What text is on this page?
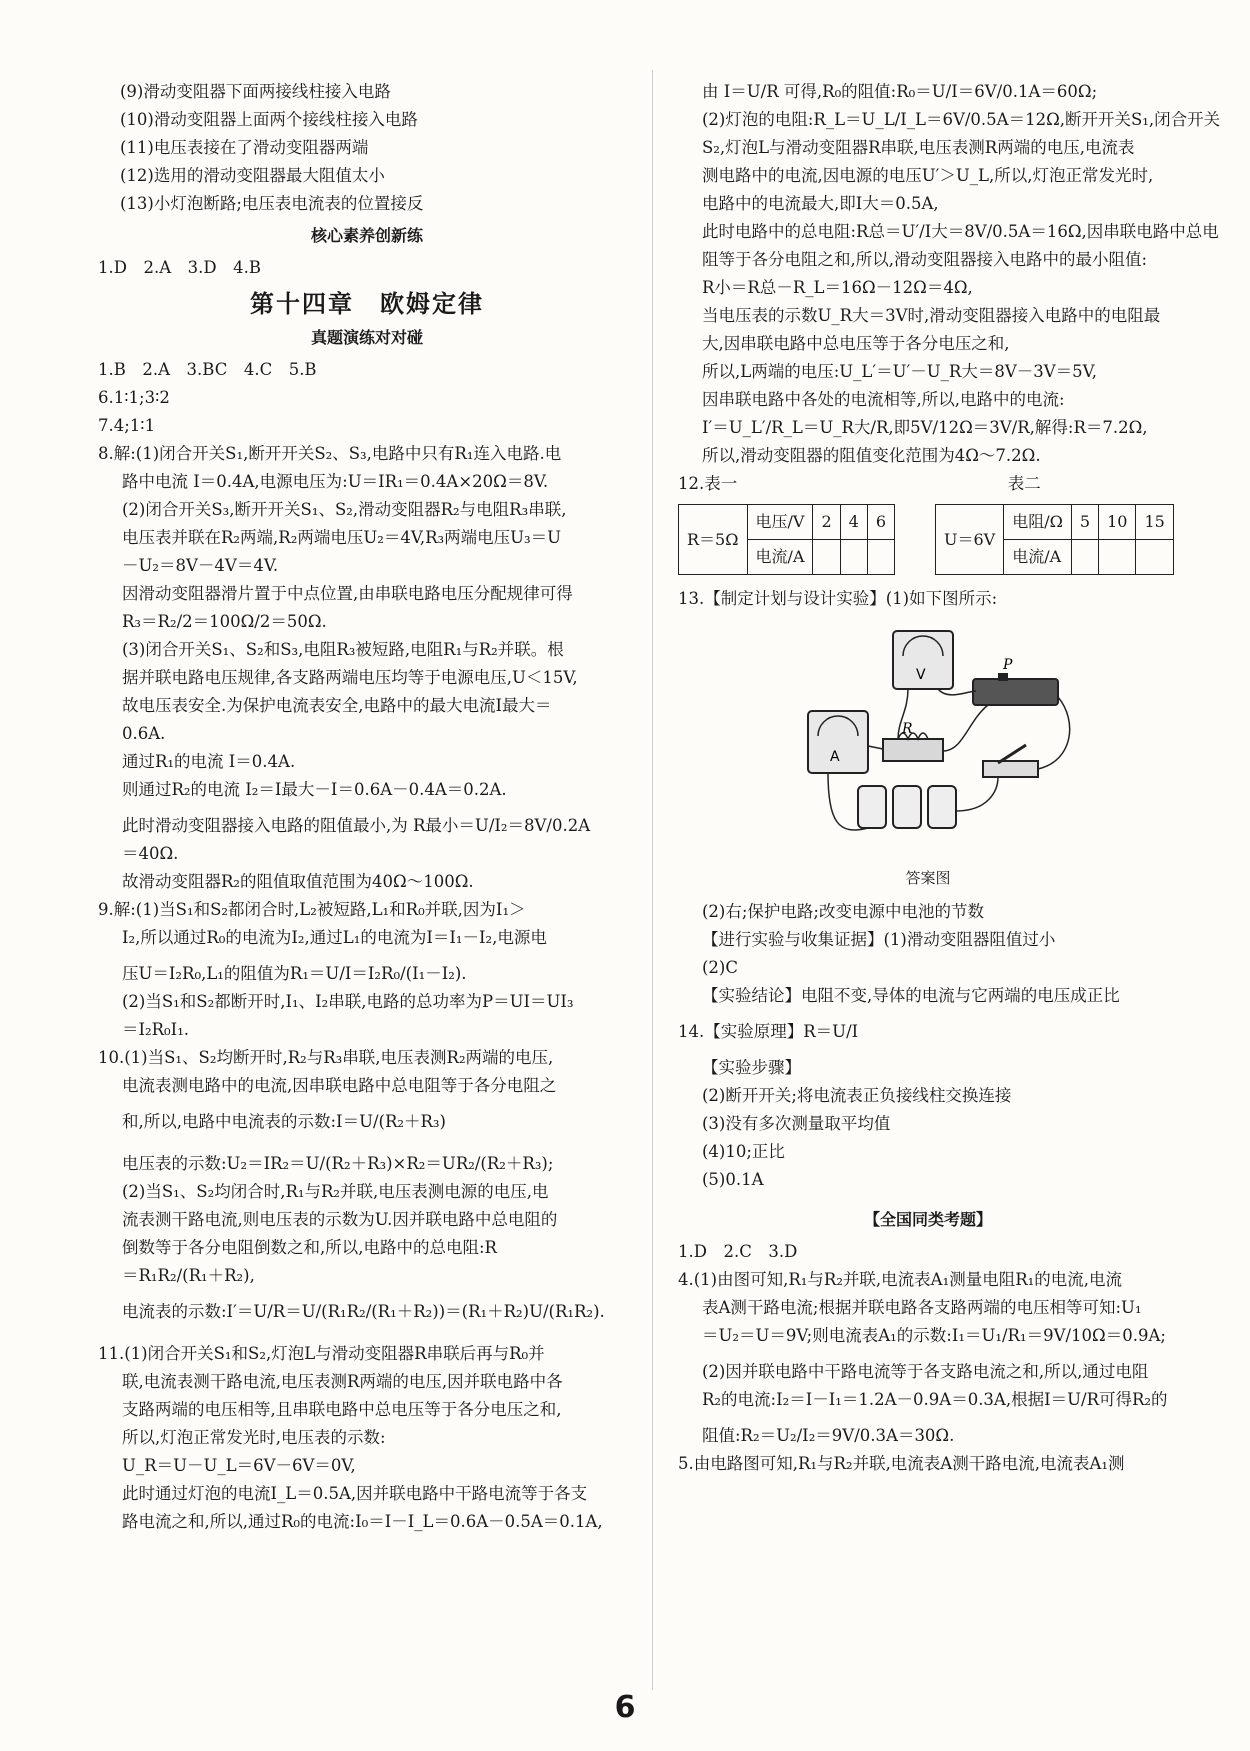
(9)滑动变阻器下面两接线柱接入电路
(10)滑动变阻器上面两个接线柱接入电路
(11)电压表接在了滑动变阻器两端
(12)选用的滑动变阻器最大阻值太小
(13)小灯泡断路;电压表电流表的位置接反
核心素养创新练
1.D　2.A　3.D　4.B
第十四章　欧姆定律
真题演练对对碰
1.B　2.A　3.BC　4.C　5.B
6.1∶1;3∶2
7.4;1∶1
8.解:(1)闭合开关S₁,断开开关S₂、S₃,电路中只有R₁连入电路.电
路中电流 I＝0.4A,电源电压为:U＝IR₁＝0.4A×20Ω＝8V.
(2)闭合开关S₃,断开开关S₁、S₂,滑动变阻器R₂与电阻R₃串联,
电压表并联在R₂两端,R₂两端电压U₂＝4V,R₃两端电压U₃＝U
－U₂＝8V－4V＝4V.
因滑动变阻器滑片置于中点位置,由串联电路电压分配规律可得
R₃＝R₂/2＝100Ω/2＝50Ω.
(3)闭合开关S₁、S₂和S₃,电阻R₃被短路,电阻R₁与R₂并联。根
据并联电路电压规律,各支路两端电压均等于电源电压,U＜15V,
故电压表安全.为保护电流表安全,电路中的最大电流I最大＝
0.6A.
通过R₁的电流 I＝0.4A.
则通过R₂的电流 I₂＝I最大－I＝0.6A－0.4A＝0.2A.
此时滑动变阻器接入电路的阻值最小,为 R最小＝U/I₂＝8V/0.2A
＝40Ω.
故滑动变阻器R₂的阻值取值范围为40Ω～100Ω.
9.解:(1)当S₁和S₂都闭合时,L₂被短路,L₁和R₀并联,因为I₁＞
I₂,所以通过R₀的电流为I₂,通过L₁的电流为I＝I₁－I₂,电源电
压U＝I₂R₀,L₁的阻值为R₁＝U/I＝I₂R₀/(I₁－I₂).
(2)当S₁和S₂都断开时,I₁、I₂串联,电路的总功率为P＝UI＝UI₃
＝I₂R₀I₁.
10.(1)当S₁、S₂均断开时,R₂与R₃串联,电压表测R₂两端的电压,
电流表测电路中的电流,因串联电路中总电阻等于各分电阻之
和,所以,电路中电流表的示数:I＝U/(R₂＋R₃)
电压表的示数:U₂＝IR₂＝U/(R₂＋R₃)×R₂＝UR₂/(R₂＋R₃);
(2)当S₁、S₂均闭合时,R₁与R₂并联,电压表测电源的电压,电
流表测干路电流,则电压表的示数为U.因并联电路中总电阻的
倒数等于各分电阻倒数之和,所以,电路中的总电阻:R
＝R₁R₂/(R₁＋R₂),
电流表的示数:I′＝U/R＝U/(R₁R₂/(R₁＋R₂))＝(R₁＋R₂)U/(R₁R₂).
11.(1)闭合开关S₁和S₂,灯泡L与滑动变阻器R串联后再与R₀并
联,电流表测干路电流,电压表测R两端的电压,因并联电路中各
支路两端的电压相等,且串联电路中总电压等于各分电压之和,
所以,灯泡正常发光时,电压表的示数:
U_R＝U－U_L＝6V－6V＝0V,
此时通过灯泡的电流I_L＝0.5A,因并联电路中干路电流等于各支
路电流之和,所以,通过R₀的电流:I₀＝I－I_L＝0.6A－0.5A＝0.1A,
由 I＝U/R 可得,R₀的阻值:R₀＝U/I＝6V/0.1A＝60Ω;
(2)灯泡的电阻:R_L＝U_L/I_L＝6V/0.5A＝12Ω,断开开关S₁,闭合开关
S₂,灯泡L与滑动变阻器R串联,电压表测R两端的电压,电流表
测电路中的电流,因电源的电压U′＞U_L,所以,灯泡正常发光时,
电路中的电流最大,即I大＝0.5A,
此时电路中的总电阻:R总＝U′/I大＝8V/0.5A＝16Ω,因串联电路中总电
阻等于各分电阻之和,所以,滑动变阻器接入电路中的最小阻值:
R小＝R总－R_L＝16Ω－12Ω＝4Ω,
当电压表的示数U_R大＝3V时,滑动变阻器接入电路中的电阻最
大,因串联电路中总电压等于各分电压之和,
所以,L两端的电压:U_L′＝U′－U_R大＝8V－3V＝5V,
因串联电路中各处的电流相等,所以,电路中的电流:
I′＝U_L′/R_L＝U_R大/R,即5V/12Ω＝3V/R,解得:R＝7.2Ω,
所以,滑动变阻器的阻值变化范围为4Ω～7.2Ω.
12.表一	表二
R＝5Ω	电压/V	2	4	6
	电流/A			
U＝6V	电阻/Ω	5	10	15
	电流/A			
13.【制定计划与设计实验】(1)如下图所示:
V
A
R
P
答案图
(2)右;保护电路;改变电源中电池的节数
【进行实验与收集证据】(1)滑动变阻器阻值过小
(2)C
【实验结论】电阻不变,导体的电流与它两端的电压成正比
14.【实验原理】R＝U/I
【实验步骤】
(2)断开开关;将电流表正负接线柱交换连接
(3)没有多次测量取平均值
(4)10;正比
(5)0.1A
【全国同类考题】
1.D　2.C　3.D
4.(1)由图可知,R₁与R₂并联,电流表A₁测量电阻R₁的电流,电流
表A测干路电流;根据并联电路各支路两端的电压相等可知:U₁
＝U₂＝U＝9V;则电流表A₁的示数:I₁＝U₁/R₁＝9V/10Ω＝0.9A;
(2)因并联电路中干路电流等于各支路电流之和,所以,通过电阻
R₂的电流:I₂＝I－I₁＝1.2A－0.9A＝0.3A,根据I＝U/R可得R₂的
阻值:R₂＝U₂/I₂＝9V/0.3A＝30Ω.
5.由电路图可知,R₁与R₂并联,电流表A测干路电流,电流表A₁测
6
